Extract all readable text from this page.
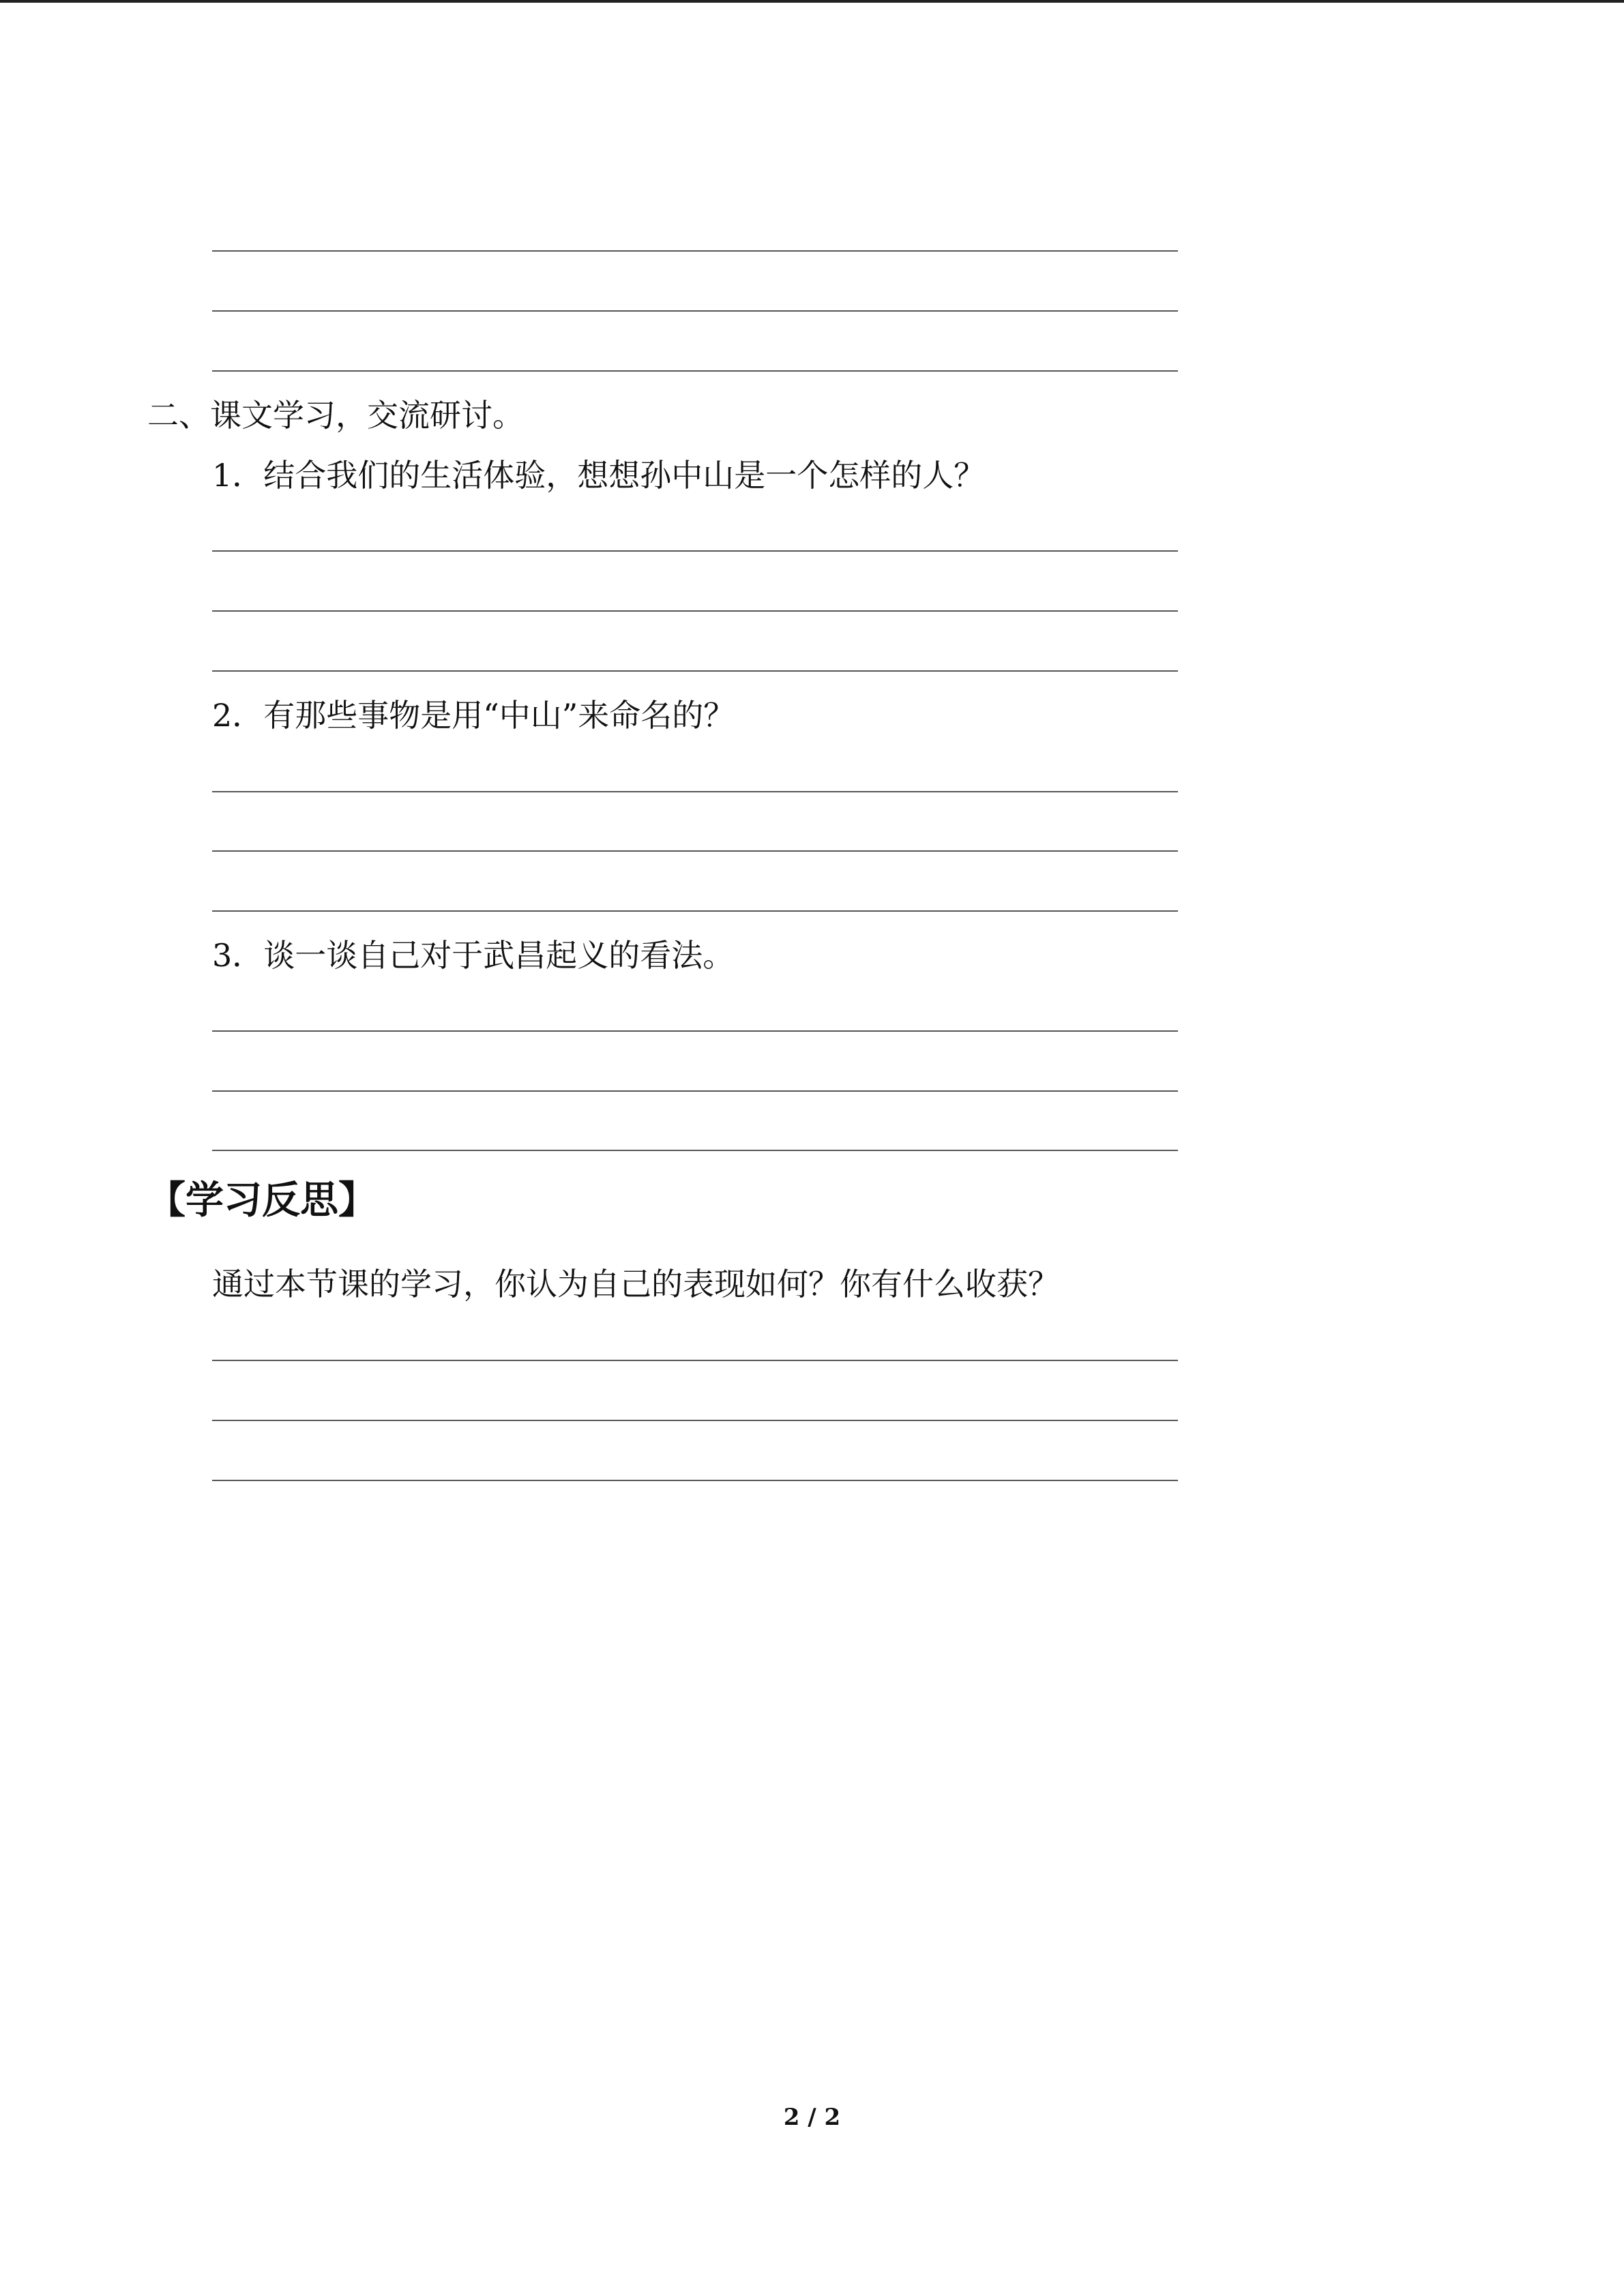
二、课文学习，交流研讨。
1．结合我们的生活体验，想想孙中山是一个怎样的人？
2．有那些事物是用“中山”来命名的？
3．谈一谈自己对于武昌起义的看法。
【学习反思】
通过本节课的学习，你认为自己的表现如何？你有什么收获？
2 / 2
